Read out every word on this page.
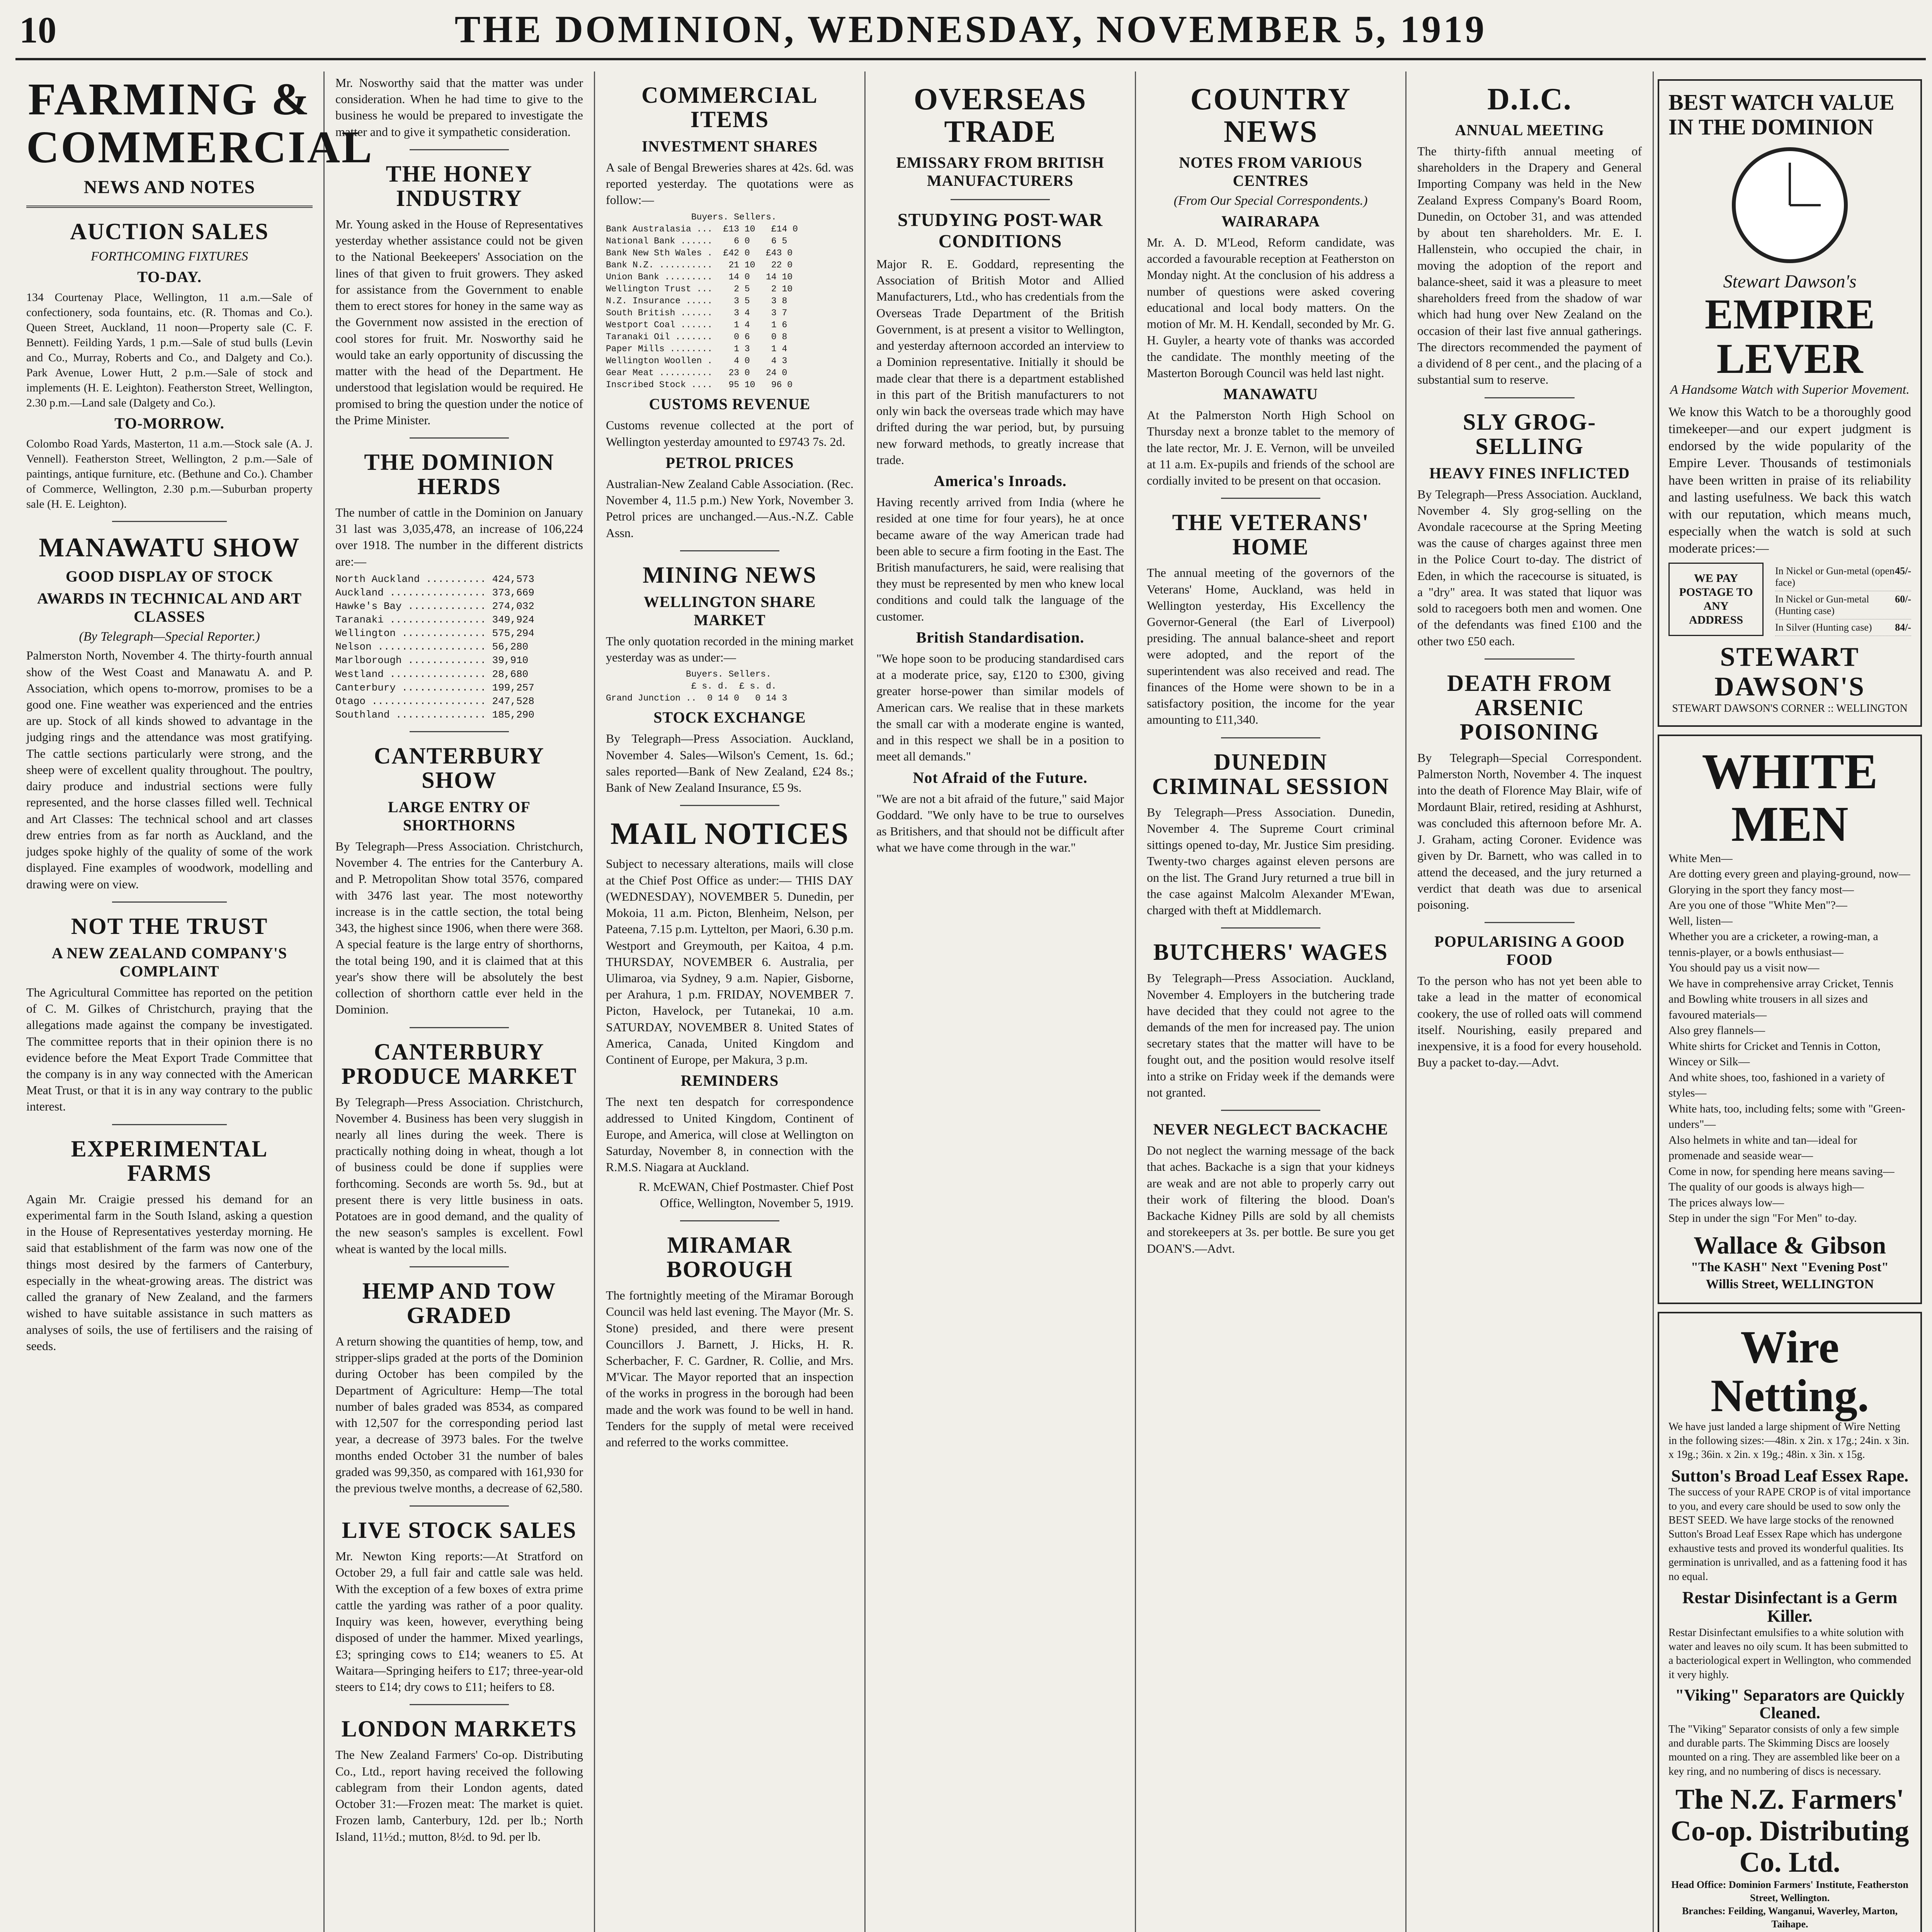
10	THE DOMINION, WEDNESDAY, NOVEMBER 5, 1919
FARMING & COMMERCIAL
NEWS AND NOTES
AUCTION SALES
FORTHCOMING FIXTURES
TO-DAY.
134 Courtenay Place, Wellington, 11 a.m.—Sale of confectionery, soda fountains, etc. (R. Thomas and Co.). Queen Street, Auckland, 11 noon—Property sale (C. F. Bennett). Feilding Yards, 1 p.m.—Sale of stud bulls (Levin and Co., Murray, Roberts and Co., and Dalgety and Co.). Park Avenue, Lower Hutt, 2 p.m.—Sale of stock and implements (H. E. Leighton). Featherston Street, Wellington, 2.30 p.m.—Land sale (Dalgety and Co.).
TO-MORROW.
Colombo Road Yards, Masterton, 11 a.m.—Stock sale (A. J. Vennell). Featherston Street, Wellington, 2 p.m.—Sale of paintings, antique furniture, etc. (Bethune and Co.). Chamber of Commerce, Wellington, 2.30 p.m.—Suburban property sale (H. E. Leighton).
MANAWATU SHOW
GOOD DISPLAY OF STOCK
AWARDS IN TECHNICAL AND ART CLASSES
(By Telegraph—Special Reporter.)
Palmerston North, November 4. The thirty-fourth annual show of the West Coast and Manawatu A. and P. Association, which opens to-morrow, promises to be a good one. Fine weather was experienced and the entries are up. Stock of all kinds showed to advantage in the judging rings and the attendance was most gratifying. The cattle sections particularly were strong, and the sheep were of excellent quality throughout. The poultry, dairy produce and industrial sections were fully represented, and the horse classes filled well. Technical and Art Classes: The technical school and art classes drew entries from as far north as Auckland, and the judges spoke highly of the quality of some of the work displayed. Fine examples of woodwork, modelling and drawing were on view.
NOT THE TRUST
A NEW ZEALAND COMPANY'S COMPLAINT
The Agricultural Committee has reported on the petition of C. M. Gilkes of Christchurch, praying that the allegations made against the company be investigated. The committee reports that in their opinion there is no evidence before the Meat Export Trade Committee that the company is in any way connected with the American Meat Trust, or that it is in any way contrary to the public interest.
EXPERIMENTAL FARMS
Again Mr. Craigie pressed his demand for an experimental farm in the South Island, asking a question in the House of Representatives yesterday morning. He said that establishment of the farm was now one of the things most desired by the farmers of Canterbury, especially in the wheat-growing areas. The district was called the granary of New Zealand, and the farmers wished to have suitable assistance in such matters as analyses of soils, the use of fertilisers and the raising of seeds.
Mr. Nosworthy said that the matter was under consideration. When he had time to give to the business he would be prepared to investigate the matter and to give it sympathetic consideration.
THE HONEY INDUSTRY
Mr. Young asked in the House of Representatives yesterday whether assistance could not be given to the National Beekeepers' Association on the lines of that given to fruit growers. They asked for assistance from the Government to enable them to erect stores for honey in the same way as the Government now assisted in the erection of cool stores for fruit. Mr. Nosworthy said he would take an early opportunity of discussing the matter with the head of the Department. He understood that legislation would be required. He promised to bring the question under the notice of the Prime Minister.
THE DOMINION HERDS
The number of cattle in the Dominion on January 31 last was 3,035,478, an increase of 106,224 over 1918. The number in the different districts are:—
North Auckland .......... 424,573
Auckland ................ 373,669
Hawke's Bay ............. 274,032
Taranaki ................ 349,924
Wellington .............. 575,294
Nelson .................. 56,280
Marlborough ............. 39,910
Westland ................ 28,680
Canterbury .............. 199,257
Otago ................... 247,528
Southland ............... 185,290
CANTERBURY SHOW
LARGE ENTRY OF SHORTHORNS
By Telegraph—Press Association. Christchurch, November 4. The entries for the Canterbury A. and P. Metropolitan Show total 3576, compared with 3476 last year. The most noteworthy increase is in the cattle section, the total being 343, the highest since 1906, when there were 368. A special feature is the large entry of shorthorns, the total being 190, and it is claimed that at this year's show there will be absolutely the best collection of shorthorn cattle ever held in the Dominion.
CANTERBURY PRODUCE MARKET
By Telegraph—Press Association. Christchurch, November 4. Business has been very sluggish in nearly all lines during the week. There is practically nothing doing in wheat, though a lot of business could be done if supplies were forthcoming. Seconds are worth 5s. 9d., but at present there is very little business in oats. Potatoes are in good demand, and the quality of the new season's samples is excellent. Fowl wheat is wanted by the local mills.
HEMP AND TOW GRADED
A return showing the quantities of hemp, tow, and stripper-slips graded at the ports of the Dominion during October has been compiled by the Department of Agriculture: Hemp—The total number of bales graded was 8534, as compared with 12,507 for the corresponding period last year, a decrease of 3973 bales. For the twelve months ended October 31 the number of bales graded was 99,350, as compared with 161,930 for the previous twelve months, a decrease of 62,580.
LIVE STOCK SALES
Mr. Newton King reports:—At Stratford on October 29, a full fair and cattle sale was held. With the exception of a few boxes of extra prime cattle the yarding was rather of a poor quality. Inquiry was keen, however, everything being disposed of under the hammer. Mixed yearlings, £3; springing cows to £14; weaners to £5. At Waitara—Springing heifers to £17; three-year-old steers to £14; dry cows to £11; heifers to £8.
LONDON MARKETS
The New Zealand Farmers' Co-op. Distributing Co., Ltd., report having received the following cablegram from their London agents, dated October 31:—Frozen meat: The market is quiet. Frozen lamb, Canterbury, 12d. per lb.; North Island, 11½d.; mutton, 8½d. to 9d. per lb.
COMMERCIAL ITEMS
INVESTMENT SHARES
A sale of Bengal Breweries shares at 42s. 6d. was reported yesterday. The quotations were as follow:—
Buyers. Sellers.
Bank Australasia ...  £13 10   £14 0
National Bank ......    6 0    6 5
Bank New Sth Wales .  £42 0   £43 0
Bank N.Z. ..........   21 10   22 0
Union Bank .........   14 0   14 10
Wellington Trust ...    2 5    2 10
N.Z. Insurance .....    3 5    3 8
South British ......    3 4    3 7
Westport Coal ......    1 4    1 6
Taranaki Oil .......    0 6    0 8
Paper Mills ........    1 3    1 4
Wellington Woollen .    4 0    4 3
Gear Meat ..........   23 0   24 0
Inscribed Stock ....   95 10   96 0
CUSTOMS REVENUE
Customs revenue collected at the port of Wellington yesterday amounted to £9743 7s. 2d.
PETROL PRICES
Australian-New Zealand Cable Association. (Rec. November 4, 11.5 p.m.) New York, November 3. Petrol prices are unchanged.—Aus.-N.Z. Cable Assn.
MINING NEWS
WELLINGTON SHARE MARKET
The only quotation recorded in the mining market yesterday was as under:—
Buyers. Sellers.
£ s. d.  £ s. d.
Grand Junction ..  0 14 0   0 14 3
STOCK EXCHANGE
By Telegraph—Press Association. Auckland, November 4. Sales—Wilson's Cement, 1s. 6d.; sales reported—Bank of New Zealand, £24 8s.; Bank of New Zealand Insurance, £5 9s.
MAIL NOTICES
Subject to necessary alterations, mails will close at the Chief Post Office as under:— THIS DAY (WEDNESDAY), NOVEMBER 5. Dunedin, per Mokoia, 11 a.m. Picton, Blenheim, Nelson, per Pateena, 7.15 p.m. Lyttelton, per Maori, 6.30 p.m. Westport and Greymouth, per Kaitoa, 4 p.m. THURSDAY, NOVEMBER 6. Australia, per Ulimaroa, via Sydney, 9 a.m. Napier, Gisborne, per Arahura, 1 p.m. FRIDAY, NOVEMBER 7. Picton, Havelock, per Tutanekai, 10 a.m. SATURDAY, NOVEMBER 8. United States of America, Canada, United Kingdom and Continent of Europe, per Makura, 3 p.m.
REMINDERS
The next ten despatch for correspondence addressed to United Kingdom, Continent of Europe, and America, will close at Wellington on Saturday, November 8, in connection with the R.M.S. Niagara at Auckland.
R. McEWAN, Chief Postmaster. Chief Post Office, Wellington, November 5, 1919.
MIRAMAR BOROUGH
The fortnightly meeting of the Miramar Borough Council was held last evening. The Mayor (Mr. S. Stone) presided, and there were present Councillors J. Barnett, J. Hicks, H. R. Scherbacher, F. C. Gardner, R. Collie, and Mrs. M'Vicar. The Mayor reported that an inspection of the works in progress in the borough had been made and the work was found to be well in hand. Tenders for the supply of metal were received and referred to the works committee.
OVERSEAS TRADE
EMISSARY FROM BRITISH MANUFACTURERS
STUDYING POST-WAR CONDITIONS
Major R. E. Goddard, representing the Association of British Motor and Allied Manufacturers, Ltd., who has credentials from the Overseas Trade Department of the British Government, is at present a visitor to Wellington, and yesterday afternoon accorded an interview to a Dominion representative. Initially it should be made clear that there is a department established in this part of the British manufacturers to not only win back the overseas trade which may have drifted during the war period, but, by pursuing new forward methods, to greatly increase that trade.
America's Inroads.
Having recently arrived from India (where he resided at one time for four years), he at once became aware of the way American trade had been able to secure a firm footing in the East. The British manufacturers, he said, were realising that they must be represented by men who knew local conditions and could talk the language of the customer.
British Standardisation.
"We hope soon to be producing standardised cars at a moderate price, say, £120 to £300, giving greater horse-power than similar models of American cars. We realise that in these markets the small car with a moderate engine is wanted, and in this respect we shall be in a position to meet all demands."
Not Afraid of the Future.
"We are not a bit afraid of the future," said Major Goddard. "We only have to be true to ourselves as Britishers, and that should not be difficult after what we have come through in the war."
COUNTRY NEWS
NOTES FROM VARIOUS CENTRES
(From Our Special Correspondents.)
WAIRARAPA
Mr. A. D. M'Leod, Reform candidate, was accorded a favourable reception at Featherston on Monday night. At the conclusion of his address a number of questions were asked covering educational and local body matters. On the motion of Mr. M. H. Kendall, seconded by Mr. G. H. Guyler, a hearty vote of thanks was accorded the candidate. The monthly meeting of the Masterton Borough Council was held last night.
MANAWATU
At the Palmerston North High School on Thursday next a bronze tablet to the memory of the late rector, Mr. J. E. Vernon, will be unveiled at 11 a.m. Ex-pupils and friends of the school are cordially invited to be present on that occasion.
THE VETERANS' HOME
The annual meeting of the governors of the Veterans' Home, Auckland, was held in Wellington yesterday, His Excellency the Governor-General (the Earl of Liverpool) presiding. The annual balance-sheet and report were adopted, and the report of the superintendent was also received and read. The finances of the Home were shown to be in a satisfactory position, the income for the year amounting to £11,340.
DUNEDIN CRIMINAL SESSION
By Telegraph—Press Association. Dunedin, November 4. The Supreme Court criminal sittings opened to-day, Mr. Justice Sim presiding. Twenty-two charges against eleven persons are on the list. The Grand Jury returned a true bill in the case against Malcolm Alexander M'Ewan, charged with theft at Middlemarch.
BUTCHERS' WAGES
By Telegraph—Press Association. Auckland, November 4. Employers in the butchering trade have decided that they could not agree to the demands of the men for increased pay. The union secretary states that the matter will have to be fought out, and the position would resolve itself into a strike on Friday week if the demands were not granted.
NEVER NEGLECT BACKACHE
Do not neglect the warning message of the back that aches. Backache is a sign that your kidneys are weak and are not able to properly carry out their work of filtering the blood. Doan's Backache Kidney Pills are sold by all chemists and storekeepers at 3s. per bottle. Be sure you get DOAN'S.—Advt.
D.I.C.
ANNUAL MEETING
The thirty-fifth annual meeting of shareholders in the Drapery and General Importing Company was held in the New Zealand Express Company's Board Room, Dunedin, on October 31, and was attended by about ten shareholders. Mr. E. I. Hallenstein, who occupied the chair, in moving the adoption of the report and balance-sheet, said it was a pleasure to meet shareholders freed from the shadow of war which had hung over New Zealand on the occasion of their last five annual gatherings. The directors recommended the payment of a dividend of 8 per cent., and the placing of a substantial sum to reserve.
SLY GROG-SELLING
HEAVY FINES INFLICTED
By Telegraph—Press Association. Auckland, November 4. Sly grog-selling on the Avondale racecourse at the Spring Meeting was the cause of charges against three men in the Police Court to-day. The district of Eden, in which the racecourse is situated, is a "dry" area. It was stated that liquor was sold to racegoers both men and women. One of the defendants was fined £100 and the other two £50 each.
DEATH FROM ARSENIC POISONING
By Telegraph—Special Correspondent. Palmerston North, November 4. The inquest into the death of Florence May Blair, wife of Mordaunt Blair, retired, residing at Ashhurst, was concluded this afternoon before Mr. A. J. Graham, acting Coroner. Evidence was given by Dr. Barnett, who was called in to attend the deceased, and the jury returned a verdict that death was due to arsenical poisoning.
POPULARISING A GOOD FOOD
To the person who has not yet been able to take a lead in the matter of economical cookery, the use of rolled oats will commend itself. Nourishing, easily prepared and inexpensive, it is a food for every household. Buy a packet to-day.—Advt.
BEST WATCH VALUE IN THE DOMINION
Stewart Dawson's
EMPIRE LEVER
A Handsome Watch with Superior Movement.
We know this Watch to be a thoroughly good timekeeper—and our expert judgment is endorsed by the wide popularity of the Empire Lever. Thousands of testimonials have been written in praise of its reliability and lasting usefulness. We back this watch with our reputation, which means much, especially when the watch is sold at such moderate prices:—
WE PAY POSTAGE TO ANY ADDRESS
In Nickel or Gun-metal (open face)
45/-
In Nickel or Gun-metal (Hunting case)
60/-
In Silver (Hunting case) 84/-
STEWART DAWSON'S
STEWART DAWSON'S CORNER :: WELLINGTON
WHITE MEN
White Men—
Are dotting every green and playing-ground, now—
Glorying in the sport they fancy most—
Are you one of those "White Men"?—
Well, listen—
Whether you are a cricketer, a rowing-man, a tennis-player, or a bowls enthusiast—
You should pay us a visit now—
We have in comprehensive array Cricket, Tennis and Bowling white trousers in all sizes and favoured materials—
Also grey flannels—
White shirts for Cricket and Tennis in Cotton, Wincey or Silk—
And white shoes, too, fashioned in a variety of styles—
White hats, too, including felts; some with "Green-unders"—
Also helmets in white and tan—ideal for promenade and seaside wear—
Come in now, for spending here means saving—
The quality of our goods is always high—
The prices always low—
Step in under the sign "For Men" to-day.
Wallace & Gibson
"The KASH" Next "Evening Post"
Willis Street, WELLINGTON
Wire Netting.
We have just landed a large shipment of Wire Netting in the following sizes:—48in. x 2in. x 17g.; 24in. x 3in. x 19g.; 36in. x 2in. x 19g.; 48in. x 3in. x 15g.
Sutton's Broad Leaf Essex Rape.
The success of your RAPE CROP is of vital importance to you, and every care should be used to sow only the BEST SEED. We have large stocks of the renowned Sutton's Broad Leaf Essex Rape which has undergone exhaustive tests and proved its wonderful qualities. Its germination is unrivalled, and as a fattening food it has no equal.
Restar Disinfectant is a Germ Killer.
Restar Disinfectant emulsifies to a white solution with water and leaves no oily scum. It has been submitted to a bacteriological expert in Wellington, who commended it very highly.
"Viking" Separators are Quickly Cleaned.
The "Viking" Separator consists of only a few simple and durable parts. The Skimming Discs are loosely mounted on a ring. They are assembled like beer on a key ring, and no numbering of discs is necessary.
The N.Z. Farmers' Co-op. Distributing Co. Ltd.
Head Office: Dominion Farmers' Institute, Featherston Street, Wellington.
Branches: Feilding, Wanganui, Waverley, Marton, Taihape.
